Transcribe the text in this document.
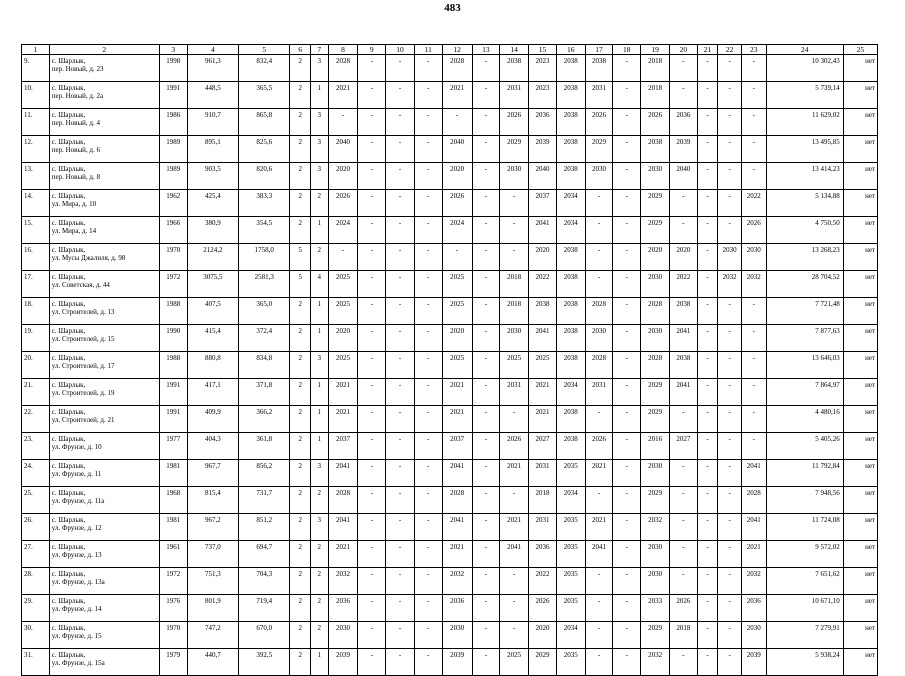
483
1	2	3	4	5	6	7	8	9	10	11	12	13	14	15	16	17	18	19	20	21	22	23	24	25
9.	с. Шарлык,
пер. Новый, д. 23	1998	961,3	832,4	2	3	2028	-	-	-	2028	-	2038	2023	2038	2038	-	2018	-	-	-	-	10 302,43	нет
10.	с. Шарлык,
пер. Новый, д. 2а	1991	448,5	365,5	2	1	2021	-	-	-	2021	-	2031	2023	2038	2031	-	2018	-	-	-	-	5 739,14	нет
11.	с. Шарлык,
пер. Новый, д. 4	1986	910,7	865,8	2	3	-	-	-	-	-	-	2026	2036	2038	2026	-	2026	2036	-	-	-	11 629,02	нет
12.	с. Шарлык,
пер. Новый, д. 6	1989	895,1	825,6	2	3	2040	-	-	-	2040	-	2029	2039	2038	2029	-	2038	2039	-	-	-	13 495,85	нет
13.	с. Шарлык,
пер. Новый, д. 8	1989	903,5	820,6	2	3	2020	-	-	-	2020	-	2030	2040	2038	2030	-	2030	2040	-	-	-	13 414,23	нет
14.	с. Шарлык,
ул. Мира, д. 10	1962	425,4	383,3	2	2	2026	-	-	-	2026	-	-	2037	2034	-	-	2029	-	-	-	2022	5 134,88	нет
15.	с. Шарлык,
ул. Мира, д. 14	1966	380,9	354,5	2	1	2024	-	-	-	2024	-	-	2041	2034	-	-	2029	-	-	-	2026	4 750,50	нет
16.	с. Шарлык,
ул. Мусы Джалиля, д. 98	1970	2124,2	1758,0	5	2	-	-	-	-	-	-	-	2020	2038	-	-	2020	2020	-	2030	2030	13 268,23	нет
17.	с. Шарлык,
ул. Советская, д. 44	1972	3075,5	2581,3	5	4	2025	-	-	-	2025	-	2018	2022	2038	-	-	2030	2022	-	2032	2032	28 704,52	нет
18.	с. Шарлык,
ул. Строителей, д. 13	1988	407,5	365,0	2	1	2025	-	-	-	2025	-	2018	2038	2038	2028	-	2028	2038	-	-	-	7 721,48	нет
19.	с. Шарлык,
ул. Строителей, д. 15	1990	415,4	372,4	2	1	2020	-	-	-	2020	-	2030	2041	2038	2030	-	2030	2041	-	-	-	7 877,63	нет
20.	с. Шарлык,
ул. Строителей, д. 17	1988	880,8	834,8	2	3	2025	-	-	-	2025	-	2025	2025	2038	2028	-	2028	2038	-	-	-	13 646,03	нет
21.	с. Шарлык,
ул. Строителей, д. 19	1991	417,1	371,8	2	1	2021	-	-	-	2021	-	2031	2021	2034	2031	-	2029	2041	-	-	-	7 864,97	нет
22.	с. Шарлык,
ул. Строителей, д. 21	1991	409,9	366,2	2	1	2021	-	-	-	2021	-	-	2021	2038	-	-	2029	-	-	-	-	4 480,16	нет
23.	с. Шарлык,
ул. Фрунзе, д. 10	1977	404,3	361,8	2	1	2037	-	-	-	2037	-	2026	2027	2038	2026	-	2016	2027	-	-	-	5 405,26	нет
24.	с. Шарлык,
ул. Фрунзе, д. 11	1981	967,7	856,2	2	3	2041	-	-	-	2041	-	2021	2031	2035	2021	-	2030	-	-	-	2041	11 792,84	нет
25.	с. Шарлык,
ул. Фрунзе, д. 11а	1968	815,4	731,7	2	2	2028	-	-	-	2028	-	-	2018	2034	-	-	2029	-	-	-	2028	7 948,56	нет
26.	с. Шарлык,
ул. Фрунзе, д. 12	1981	967,2	851,2	2	3	2041	-	-	-	2041	-	2021	2031	2035	2021	-	2032	-	-	-	2041	11 724,08	нет
27.	с. Шарлык,
ул. Фрунзе, д. 13	1961	737,0	694,7	2	2	2021	-	-	-	2021	-	2041	2036	2035	2041	-	2030	-	-	-	2021	9 572,02	нет
28.	с. Шарлык,
ул. Фрунзе, д. 13а	1972	751,3	704,3	2	2	2032	-	-	-	2032	-	-	2022	2035	-	-	2030	-	-	-	2032	7 651,62	нет
29.	с. Шарлык,
ул. Фрунзе, д. 14	1976	801,9	719,4	2	2	2036	-	-	-	2036	-	-	2026	2035	-	-	2033	2026	-	-	2036	10 671,10	нет
30.	с. Шарлык,
ул. Фрунзе, д. 15	1970	747,2	670,0	2	2	2030	-	-	-	2030	-	-	2020	2034	-	-	2029	2018	-	-	2030	7 279,91	нет
31.	с. Шарлык,
ул. Фрунзе, д. 15а	1979	440,7	392,5	2	1	2039	-	-	-	2039	-	2025	2029	2035	-	-	2032	-	-	-	2039	5 938,24	нет
